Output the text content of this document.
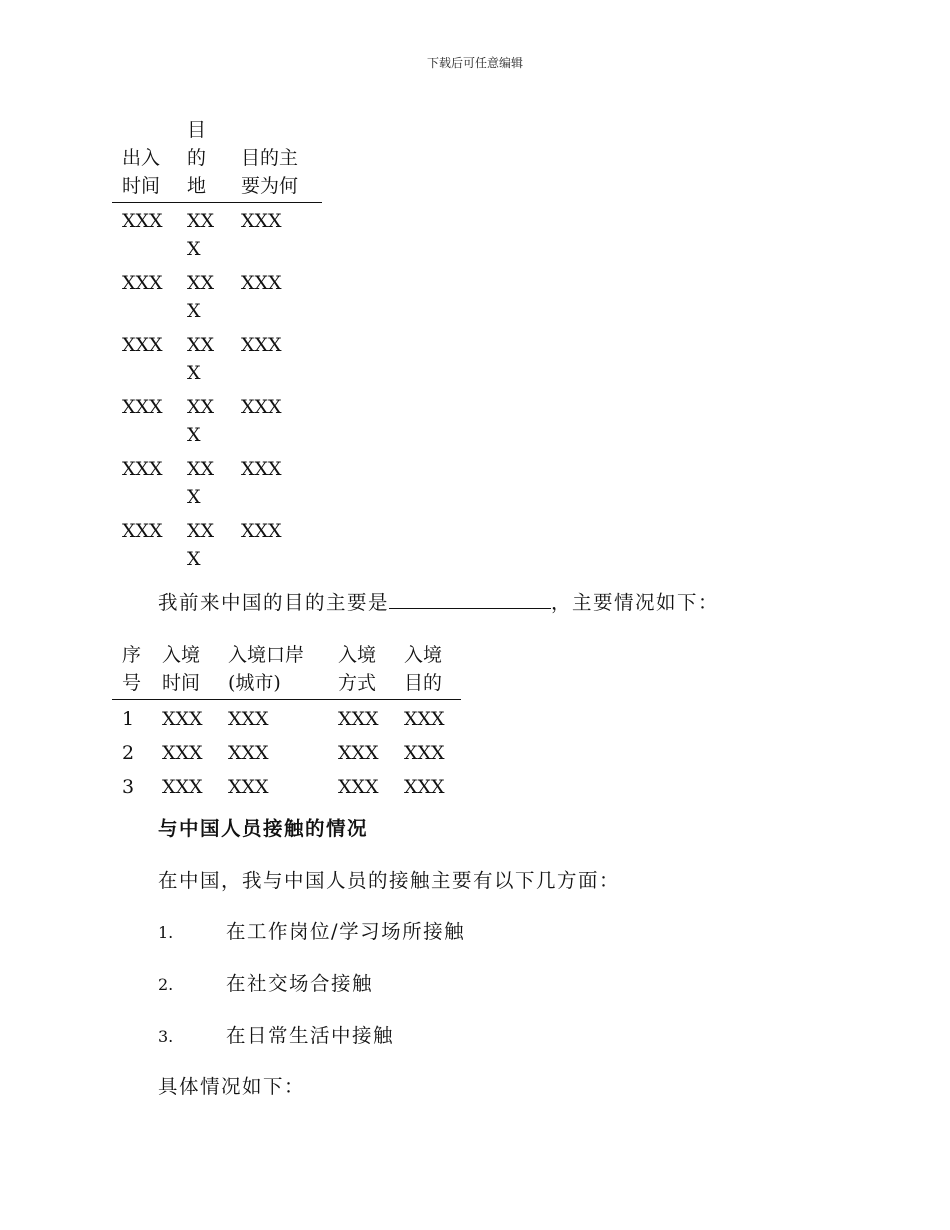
下载后可任意编辑
出入时间	目的地	目的主要为何

XXX	XXX	XXX
XXX	XXX	XXX
XXX	XXX	XXX
XXX	XXX	XXX
XXX	XXX	XXX
XXX	XXX	XXX
我前来中国的目的主要是	，主要情况如下：
序号	入境时间	入境口岸(城市)	入境方式	入境目的

1	XXX	XXX	XXX	XXX
2	XXX	XXX	XXX	XXX
3	XXX	XXX	XXX	XXX
与中国人员接触的情况
在中国，我与中国人员的接触主要有以下几方面：
1.	在工作岗位/学习场所接触
2.	在社交场合接触
3.	在日常生活中接触
具体情况如下：
